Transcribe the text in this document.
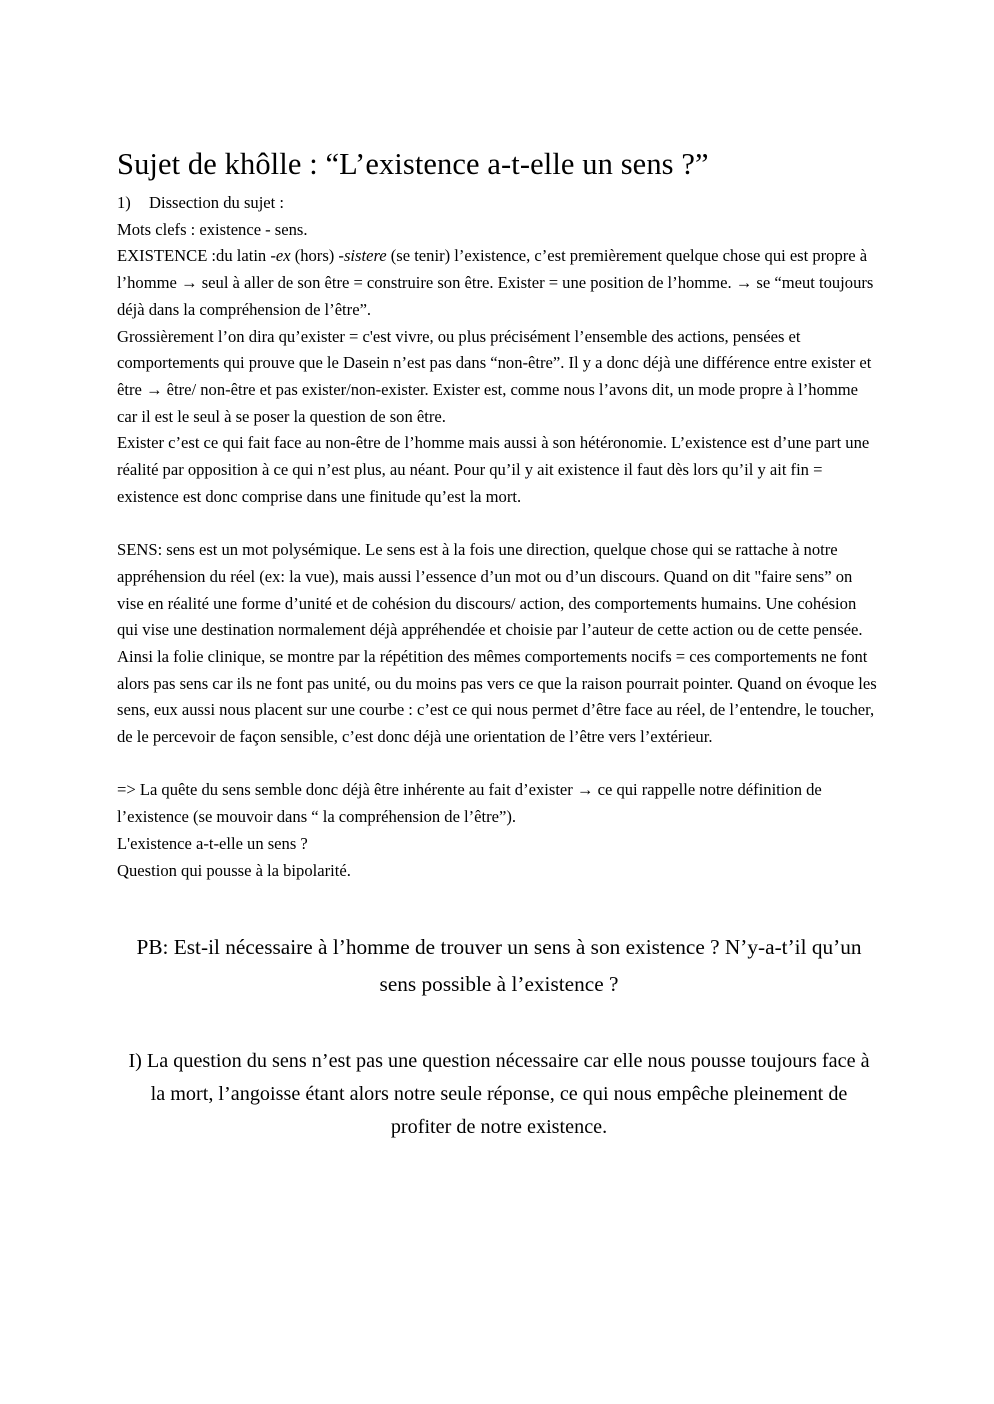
Sujet de khôlle : “L’existence a-t-elle un sens ?”
1) Dissection du sujet :

Mots clefs : existence - sens.

EXISTENCE :du latin -ex (hors) -sistere (se tenir) l’existence, c’est premièrement quelque chose qui est propre à l’homme → seul à aller de son être = construire son être. Exister = une position de l’homme. → se “meut toujours déjà dans la compréhension de l’être”.

Grossièrement l’on dira qu’exister = c'est vivre, ou plus précisément l’ensemble des actions, pensées et comportements qui prouve que le Dasein n’est pas dans “non-être”. Il y a donc déjà une différence entre exister et être → être/ non-être et pas exister/non-exister. Exister est, comme nous l’avons dit, un mode propre à l’homme car il est le seul à se poser la question de son être.

Exister c’est ce qui fait face au non-être de l’homme mais aussi à son hétéronomie. L’existence est d’une part une réalité par opposition à ce qui n’est plus, au néant. Pour qu’il y ait existence il faut dès lors qu’il y ait fin = existence est donc comprise dans une finitude qu’est la mort.

SENS: sens est un mot polysémique. Le sens est à la fois une direction, quelque chose qui se rattache à notre appréhension du réel (ex: la vue), mais aussi l’essence d’un mot ou d’un discours. Quand on dit "faire sens” on vise en réalité une forme d’unité et de cohésion du discours/ action, des comportements humains. Une cohésion qui vise une destination normalement déjà appréhendée et choisie par l’auteur de cette action ou de cette pensée. Ainsi la folie clinique, se montre par la répétition des mêmes comportements nocifs = ces comportements ne font alors pas sens car ils ne font pas unité, ou du moins pas vers ce que la raison pourrait pointer. Quand on évoque les sens, eux aussi nous placent sur une courbe : c’est ce qui nous permet d’être face au réel, de l’entendre, le toucher, de le percevoir de façon sensible, c’est donc déjà une orientation de l’être vers l’extérieur.

=> La quête du sens semble donc déjà être inhérente au fait d’exister → ce qui rappelle notre définition de l’existence (se mouvoir dans “ la compréhension de l’être”).

L'existence a-t-elle un sens ?

Question qui pousse à la bipolarité.

PB: Est-il nécessaire à l’homme de trouver un sens à son existence ? N’y-a-t’il qu’un sens possible à l’existence ?
I) La question du sens n’est pas une question nécessaire car elle nous pousse toujours face à la mort, l’angoisse étant alors notre seule réponse, ce qui nous empêche pleinement de profiter de notre existence.
